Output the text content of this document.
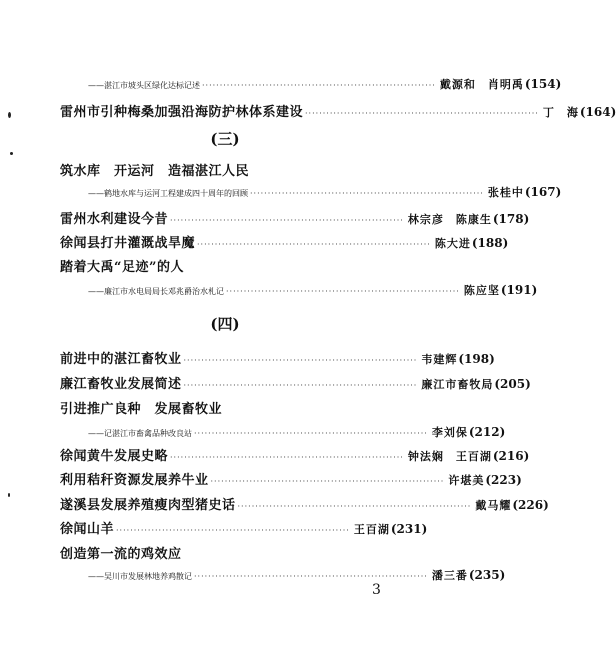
——湛江市坡头区绿化达标记述 ·································································· 戴源和　肖明禹 (154)
雷州市引种梅桑加强沿海防护林体系建设 ·································································· 丁　海 (164)
(三)
筑水库　开运河　造福湛江人民
——鹤地水库与运河工程建成四十周年的回顾 ·································································· 张桂中 (167)
雷州水利建设今昔 ·································································· 林宗彦　陈康生 (178)
徐闻县打井灌溉战旱魔 ·································································· 陈大进 (188)
踏着大禹“足迹”的人
——廉江市水电局局长邓兆爵治水札记 ·································································· 陈应坚 (191)
(四)
前进中的湛江畜牧业 ·································································· 韦建辉 (198)
廉江畜牧业发展简述 ·································································· 廉江市畜牧局 (205)
引进推广良种　发展畜牧业
——记湛江市畜禽品种改良站 ·································································· 李刘保 (212)
徐闻黄牛发展史略 ·································································· 钟法娴　王百湖 (216)
利用秸秆资源发展养牛业 ·································································· 许堪美 (223)
遂溪县发展养殖瘦肉型猪史话 ·································································· 戴马耀 (226)
徐闻山羊 ·································································· 王百湖 (231)
创造第一流的鸡效应
——吴川市发展林地养鸡散记 ·································································· 潘三番 (235)
3
